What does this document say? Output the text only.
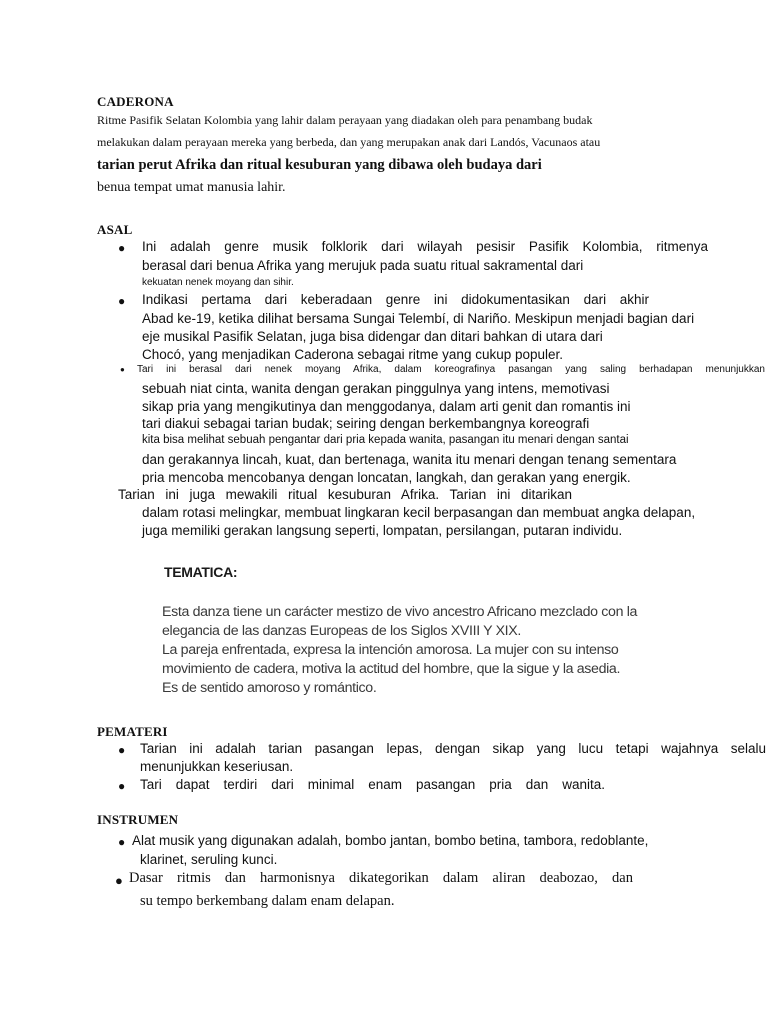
CADERONA
Ritme Pasifik Selatan Kolombia yang lahir dalam perayaan yang diadakan oleh para penambang budak
melakukan dalam perayaan mereka yang berbeda, dan yang merupakan anak dari Landós, Vacunaos atau
tarian perut Afrika dan ritual kesuburan yang dibawa oleh budaya dari
benua tempat umat manusia lahir.
ASAL
● Ini adalah genre musik folklorik dari wilayah pesisir Pasifik Kolombia, ritmenya
berasal dari benua Afrika yang merujuk pada suatu ritual sakramental dari
kekuatan nenek moyang dan sihir.
● Indikasi pertama dari keberadaan genre ini didokumentasikan dari akhir
Abad ke-19, ketika dilihat bersama Sungai Telembí, di Nariño. Meskipun menjadi bagian dari
eje musikal Pasifik Selatan, juga bisa didengar dan ditari bahkan di utara dari
Chocó, yang menjadikan Caderona sebagai ritme yang cukup populer.
● Tari ini berasal dari nenek moyang Afrika, dalam koreografinya pasangan yang saling berhadapan menunjukkan
sebuah niat cinta, wanita dengan gerakan pinggulnya yang intens, memotivasi
sikap pria yang mengikutinya dan menggodanya, dalam arti genit dan romantis ini
tari diakui sebagai tarian budak; seiring dengan berkembangnya koreografi
kita bisa melihat sebuah pengantar dari pria kepada wanita, pasangan itu menari dengan santai
dan gerakannya lincah, kuat, dan bertenaga, wanita itu menari dengan tenang sementara
pria mencoba mencobanya dengan loncatan, langkah, dan gerakan yang energik.
Tarian ini juga mewakili ritual kesuburan Afrika. Tarian ini ditarikan
dalam rotasi melingkar, membuat lingkaran kecil berpasangan dan membuat angka delapan,
juga memiliki gerakan langsung seperti, lompatan, persilangan, putaran individu.
TEMATICA:
Esta danza tiene un carácter mestizo de vivo ancestro Africano mezclado con la
elegancia de las danzas Europeas de los Siglos XVIII Y XIX.
La pareja enfrentada, expresa la intención amorosa. La mujer con su intenso
movimiento de cadera, motiva la actitud del hombre, que la sigue y la asedia.
Es de sentido amoroso y romántico.
PEMATERI
● Tarian ini adalah tarian pasangan lepas, dengan sikap yang lucu tetapi wajahnya selalu
menunjukkan keseriusan.
● Tari dapat terdiri dari minimal enam pasangan pria dan wanita.
INSTRUMEN
● Alat musik yang digunakan adalah, bombo jantan, bombo betina, tambora, redoblante,
klarinet, seruling kunci.
● Dasar ritmis dan harmonisnya dikategorikan dalam aliran deabozao, dan
su tempo berkembang dalam enam delapan.
